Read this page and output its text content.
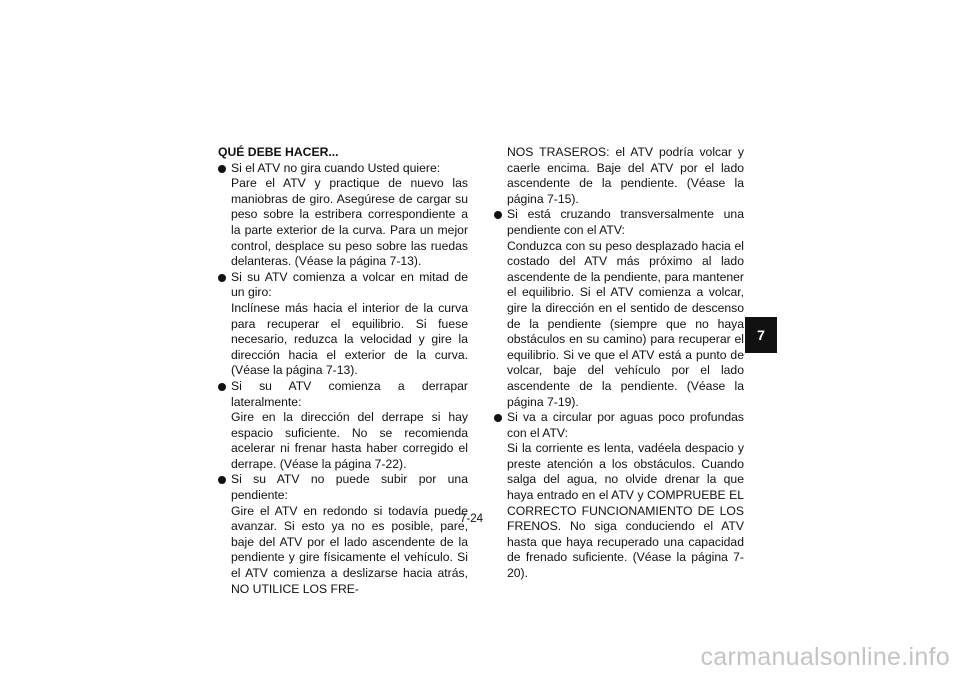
QUÉ DEBE HACER...

Si el ATV no gira cuando Usted quiere:
Pare el ATV y practique de nuevo las maniobras de giro. Asegúrese de cargar su peso sobre la estribera correspondiente a la parte exterior de la curva. Para un mejor control, desplace su peso sobre las ruedas delanteras. (Véase la página 7-13).
Si su ATV comienza a volcar en mitad de un giro:
Inclínese más hacia el interior de la curva para recuperar el equilibrio. Si fuese necesario, reduzca la velocidad y gire la dirección hacia el exterior de la curva. (Véase la página 7-13).
Si su ATV comienza a derrapar lateralmente:
Gire en la dirección del derrape si hay espacio suficiente. No se recomienda acelerar ni frenar hasta haber corregido el derrape. (Véase la página 7-22).
Si su ATV no puede subir por una pendiente:
Gire el ATV en redondo si todavía puede avanzar. Si esto ya no es posible, pare, baje del ATV por el lado ascendente de la pendiente y gire físicamente el vehículo. Si el ATV comienza a deslizarse hacia atrás, NO UTILICE LOS FRE-
NOS TRASEROS: el ATV podría volcar y caerle encima. Baje del ATV por el lado ascendente de la pendiente. (Véase la página 7-15).
Si está cruzando transversalmente una pendiente con el ATV:
Conduzca con su peso desplazado hacia el costado del ATV más próximo al lado ascendente de la pendiente, para mantener el equilibrio. Si el ATV comienza a volcar, gire la dirección en el sentido de descenso de la pendiente (siempre que no haya obstáculos en su camino) para recuperar el equilibrio. Si ve que el ATV está a punto de volcar, baje del vehículo por el lado ascendente de la pendiente. (Véase la página 7-19).
Si va a circular por aguas poco profundas con el ATV:
Si la corriente es lenta, vadéela despacio y preste atención a los obstáculos. Cuando salga del agua, no olvide drenar la que haya entrado en el ATV y COMPRUEBE EL CORRECTO FUNCIONAMIENTO DE LOS FRENOS. No siga conduciendo el ATV hasta que haya recuperado una capacidad de frenado suficiente. (Véase la página 7-20).
7
7-24
carmanualsonline.info
